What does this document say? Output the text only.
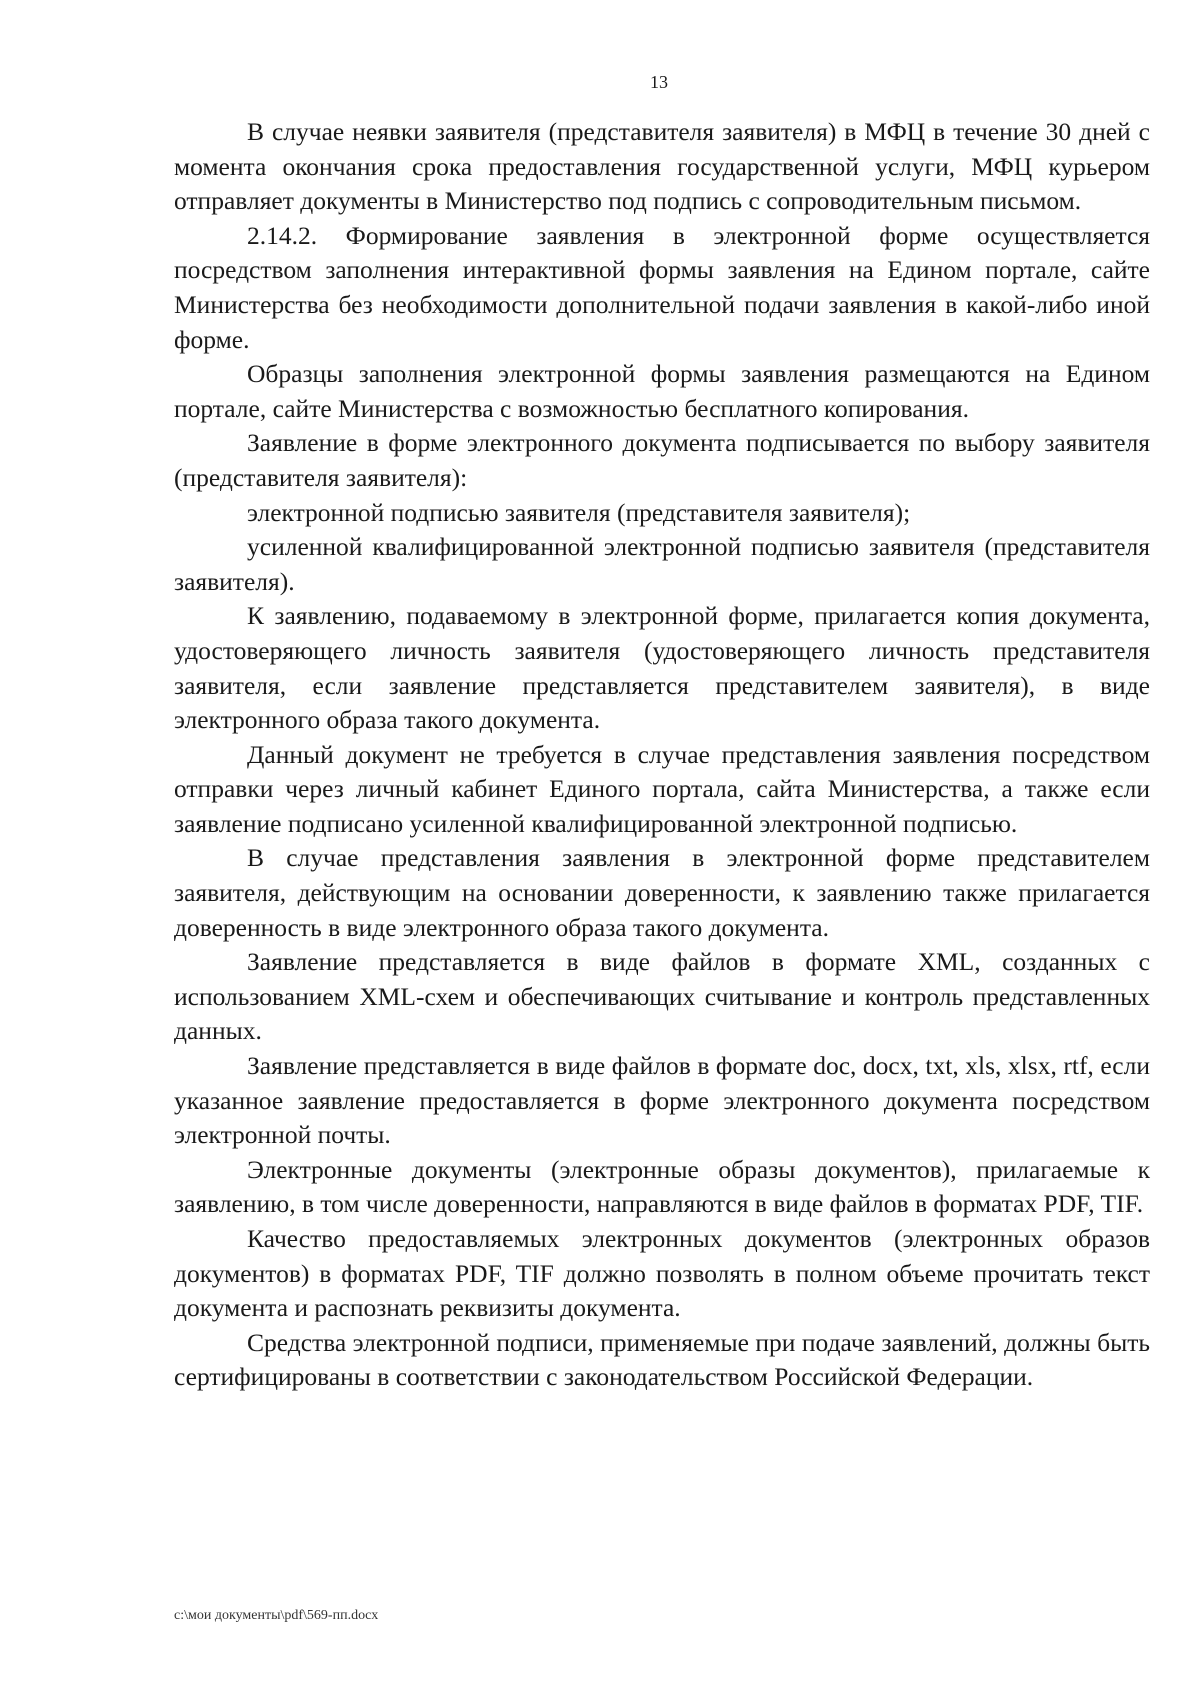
13

В случае неявки заявителя (представителя заявителя) в МФЦ в течение 30 дней с момента окончания срока предоставления государственной услуги, МФЦ курьером отправляет документы в Министерство под подпись с сопроводительным письмом.

2.14.2. Формирование заявления в электронной форме осуществляется посредством заполнения интерактивной формы заявления на Едином портале, сайте Министерства без необходимости дополнительной подачи заявления в какой-либо иной форме.

Образцы заполнения электронной формы заявления размещаются на Едином портале, сайте Министерства с возможностью бесплатного копирования.

Заявление в форме электронного документа подписывается по выбору заявителя (представителя заявителя):

электронной подписью заявителя (представителя заявителя);

усиленной квалифицированной электронной подписью заявителя (представителя заявителя).

К заявлению, подаваемому в электронной форме, прилагается копия документа, удостоверяющего личность заявителя (удостоверяющего личность представителя заявителя, если заявление представляется представителем заявителя), в виде электронного образа такого документа.

Данный документ не требуется в случае представления заявления посредством отправки через личный кабинет Единого портала, сайта Министерства, а также если заявление подписано усиленной квалифицированной электронной подписью.

В случае представления заявления в электронной форме представителем заявителя, действующим на основании доверенности, к заявлению также прилагается доверенность в виде электронного образа такого документа.

Заявление представляется в виде файлов в формате XML, созданных с использованием XML-схем и обеспечивающих считывание и контроль представленных данных.

Заявление представляется в виде файлов в формате doc, docx, txt, xls, xlsx, rtf, если указанное заявление предоставляется в форме электронного документа посредством электронной почты.

Электронные документы (электронные образы документов), прилагаемые к заявлению, в том числе доверенности, направляются в виде файлов в форматах PDF, TIF.

Качество предоставляемых электронных документов (электронных образов документов) в форматах PDF, TIF должно позволять в полном объеме прочитать текст документа и распознать реквизиты документа.

Средства электронной подписи, применяемые при подаче заявлений, должны быть сертифицированы в соответствии с законодательством Российской Федерации.

c:\мои документы\pdf\569-пп.docx
